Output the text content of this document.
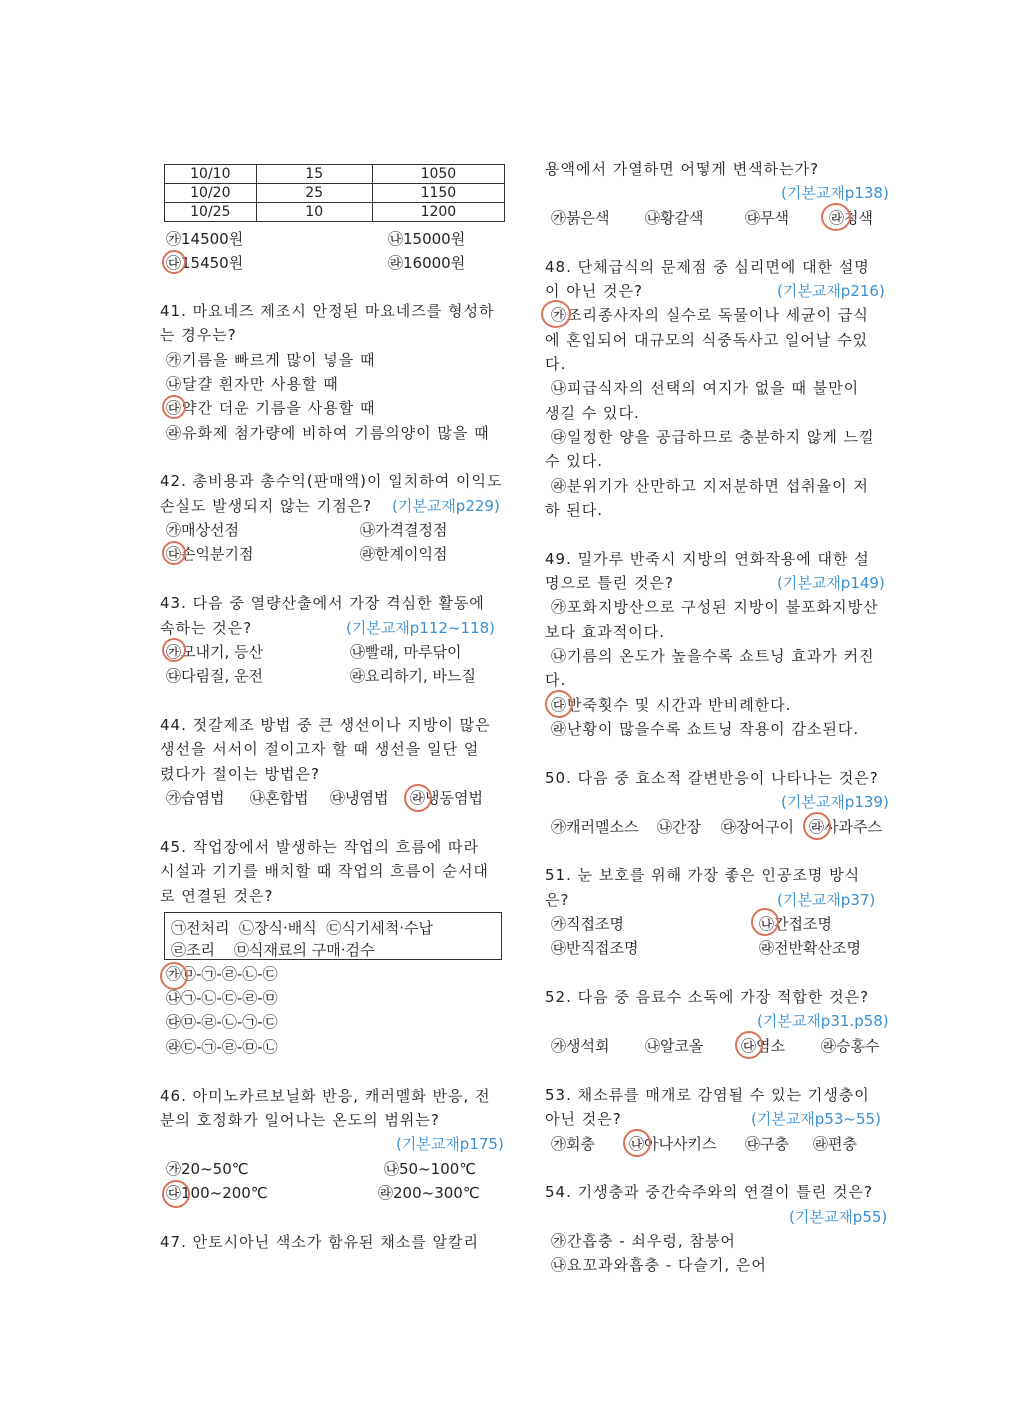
10/10	15	1050
10/20	25	1150
10/25	10	1200
㉮14500원	㉯15000원
㉰15450원	㉱16000원
41. 마요네즈 제조시 안정된 마요네즈를 형성하
는 경우는?
㉮기름을 빠르게 많이 넣을 때
㉯달걀 흰자만 사용할 때
㉰약간 더운 기름을 사용할 때
㉱유화제 첨가량에 비하여 기름의양이 많을 때
42. 총비용과 총수익(판매액)이 일치하여 이익도
손실도 발생되지 않는 기점은? (기본교재p229)
㉮매상선점	㉯가격결정점
㉰손익분기점	㉱한계이익점
43. 다음 중 열량산출에서 가장 격심한 활동에
속하는 것은?	(기본교재p112~118)
㉮모내기, 등산	㉯빨래, 마루닦이
㉰다림질, 운전	㉱요리하기, 바느질
44. 젓갈제조 방법 중 큰 생선이나 지방이 많은
생선을 서서이 절이고자 할 때 생선을 일단 얼
렸다가 절이는 방법은?
㉮습염법 ㉯혼합법 ㉰냉염법 ㉱냉동염법
45. 작업장에서 발생하는 작업의 흐름에 따라
시설과 기기를 배치할 때 작업의 흐름이 순서대
로 연결된 것은?
㉠전처리  ㉡장식·배식  ㉢식기세척·수납
㉣조리    ㉤식재료의 구매·검수
㉮㉤-㉠-㉣-㉡-㉢
㉯㉠-㉡-㉢-㉣-㉤
㉰㉤-㉣-㉡-㉠-㉢
㉱㉢-㉠-㉣-㉤-㉡
46. 아미노카르보닐화 반응, 캐러멜화 반응, 전
분의 호정화가 일어나는 온도의 범위는?
(기본교재p175)
㉮20~50℃	㉯50~100℃
㉰100~200℃	㉱200~300℃
47. 안토시아닌 색소가 함유된 채소를 알칼리
용액에서 가열하면 어떻게 변색하는가?
(기본교재p138)
㉮붉은색 ㉯황갈색	㉰무색	㉱청색
48. 단체급식의 문제점 중 심리면에 대한 설명
이 아닌 것은?	(기본교재p216)
㉮조리종사자의 실수로 독물이나 세균이 급식
에 혼입되어 대규모의 식중독사고 일어날 수있
다.
㉯피급식자의 선택의 여지가 없을 때 불만이
생길 수 있다.
㉰일정한 양을 공급하므로 충분하지 않게 느낄
수 있다.
㉱분위기가 산만하고 지저분하면 섭취율이 저
하 된다.
49. 밀가루 반죽시 지방의 연화작용에 대한 설
명으로 틀린 것은?	(기본교재p149)
㉮포화지방산으로 구성된 지방이 불포화지방산
보다 효과적이다.
㉯기름의 온도가 높을수록 쇼트닝 효과가 커진
다.
㉰반죽횟수 및 시간과 반비례한다.
㉱난황이 많을수록 쇼트닝 작용이 감소된다.
50. 다음 중 효소적 갈변반응이 나타나는 것은?
(기본교재p139)
㉮캐러멜소스 ㉯간장 ㉰장어구이 ㉱사과주스
51. 눈 보호를 위해 가장 좋은 인공조명 방식
은?	(기본교재p37)
㉮직접조명	㉯간접조명
㉰반직접조명	㉱전반확산조명
52. 다음 중 음료수 소독에 가장 적합한 것은?
(기본교재p31.p58)
㉮생석회 ㉯알코올	㉰염소 ㉱승홍수
53. 채소류를 매개로 감염될 수 있는 기생충이
아닌 것은?	(기본교재p53~55)
㉮회충 ㉯아나사키스 ㉰구충 ㉱편충
54. 기생충과 중간숙주와의 연결이 틀린 것은?
(기본교재p55)
㉮간흡충 - 쇠우렁, 참붕어
㉯요꼬과와흡충 - 다슬기, 은어
